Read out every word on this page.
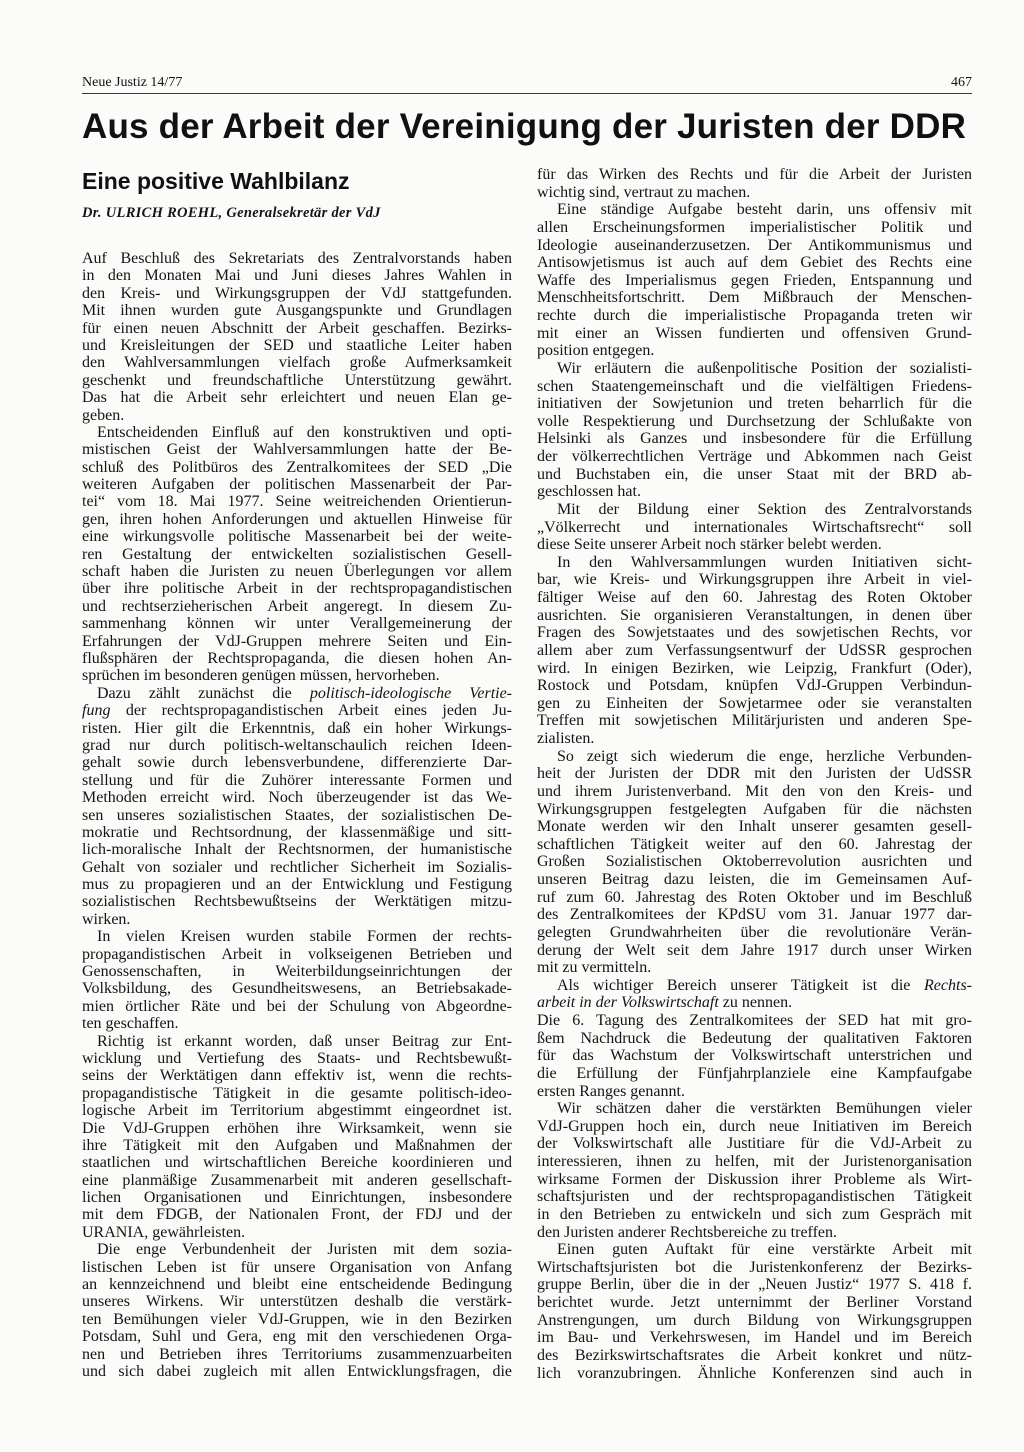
Neue Justiz 14/77	467
Aus der Arbeit der Vereinigung der Juristen der DDR
Eine positive Wahlbilanz
Dr. ULRICH ROEHL, Generalsekretär der VdJ
Auf Beschluß des Sekretariats des Zentralvorstands haben
in den Monaten Mai und Juni dieses Jahres Wahlen in
den Kreis- und Wirkungsgruppen der VdJ stattgefunden.
Mit ihnen wurden gute Ausgangspunkte und Grundlagen
für einen neuen Abschnitt der Arbeit geschaffen. Bezirks-
und Kreisleitungen der SED und staatliche Leiter haben
den Wahlversammlungen vielfach große Aufmerksamkeit
geschenkt und freundschaftliche Unterstützung gewährt.
Das hat die Arbeit sehr erleichtert und neuen Elan ge-
geben.
Entscheidenden Einfluß auf den konstruktiven und opti-
mistischen Geist der Wahlversammlungen hatte der Be-
schluß des Politbüros des Zentralkomitees der SED „Die
weiteren Aufgaben der politischen Massenarbeit der Par-
tei“ vom 18. Mai 1977. Seine weitreichenden Orientierun-
gen, ihren hohen Anforderungen und aktuellen Hinweise für
eine wirkungsvolle politische Massenarbeit bei der weite-
ren Gestaltung der entwickelten sozialistischen Gesell-
schaft haben die Juristen zu neuen Überlegungen vor allem
über ihre politische Arbeit in der rechtspropagandistischen
und rechtserzieherischen Arbeit angeregt. In diesem Zu-
sammenhang können wir unter Verallgemeinerung der
Erfahrungen der VdJ-Gruppen mehrere Seiten und Ein-
flußsphären der Rechtspropaganda, die diesen hohen An-
sprüchen im besonderen genügen müssen, hervorheben.
Dazu zählt zunächst die politisch-ideologische Vertie-
fung der rechtspropagandistischen Arbeit eines jeden Ju-
risten. Hier gilt die Erkenntnis, daß ein hoher Wirkungs-
grad nur durch politisch-weltanschaulich reichen Ideen-
gehalt sowie durch lebensverbundene, differenzierte Dar-
stellung und für die Zuhörer interessante Formen und
Methoden erreicht wird. Noch überzeugender ist das We-
sen unseres sozialistischen Staates, der sozialistischen De-
mokratie und Rechtsordnung, der klassenmäßige und sitt-
lich-moralische Inhalt der Rechtsnormen, der humanistische
Gehalt von sozialer und rechtlicher Sicherheit im Sozialis-
mus zu propagieren und an der Entwicklung und Festigung
sozialistischen Rechtsbewußtseins der Werktätigen mitzu-
wirken.
In vielen Kreisen wurden stabile Formen der rechts-
propagandistischen Arbeit in volkseigenen Betrieben und
Genossenschaften, in Weiterbildungseinrichtungen der
Volksbildung, des Gesundheitswesens, an Betriebsakade-
mien örtlicher Räte und bei der Schulung von Abgeordne-
ten geschaffen.
Richtig ist erkannt worden, daß unser Beitrag zur Ent-
wicklung und Vertiefung des Staats- und Rechtsbewußt-
seins der Werktätigen dann effektiv ist, wenn die rechts-
propagandistische Tätigkeit in die gesamte politisch-ideo-
logische Arbeit im Territorium abgestimmt eingeordnet ist.
Die VdJ-Gruppen erhöhen ihre Wirksamkeit, wenn sie
ihre Tätigkeit mit den Aufgaben und Maßnahmen der
staatlichen und wirtschaftlichen Bereiche koordinieren und
eine planmäßige Zusammenarbeit mit anderen gesellschaft-
lichen Organisationen und Einrichtungen, insbesondere
mit dem FDGB, der Nationalen Front, der FDJ und der
URANIA, gewährleisten.
Die enge Verbundenheit der Juristen mit dem sozia-
listischen Leben ist für unsere Organisation von Anfang
an kennzeichnend und bleibt eine entscheidende Bedingung
unseres Wirkens. Wir unterstützen deshalb die verstärk-
ten Bemühungen vieler VdJ-Gruppen, wie in den Bezirken
Potsdam, Suhl und Gera, eng mit den verschiedenen Orga-
nen und Betrieben ihres Territoriums zusammenzuarbeiten
und sich dabei zugleich mit allen Entwicklungsfragen, die
für das Wirken des Rechts und für die Arbeit der Juristen
wichtig sind, vertraut zu machen.
Eine ständige Aufgabe besteht darin, uns offensiv mit
allen Erscheinungsformen imperialistischer Politik und
Ideologie auseinanderzusetzen. Der Antikommunismus und
Antisowjetismus ist auch auf dem Gebiet des Rechts eine
Waffe des Imperialismus gegen Frieden, Entspannung und
Menschheitsfortschritt. Dem Mißbrauch der Menschen-
rechte durch die imperialistische Propaganda treten wir
mit einer an Wissen fundierten und offensiven Grund-
position entgegen.
Wir erläutern die außenpolitische Position der sozialisti-
schen Staatengemeinschaft und die vielfältigen Friedens-
initiativen der Sowjetunion und treten beharrlich für die
volle Respektierung und Durchsetzung der Schlußakte von
Helsinki als Ganzes und insbesondere für die Erfüllung
der völkerrechtlichen Verträge und Abkommen nach Geist
und Buchstaben ein, die unser Staat mit der BRD ab-
geschlossen hat.
Mit der Bildung einer Sektion des Zentralvorstands
„Völkerrecht und internationales Wirtschaftsrecht“ soll
diese Seite unserer Arbeit noch stärker belebt werden.
In den Wahlversammlungen wurden Initiativen sicht-
bar, wie Kreis- und Wirkungsgruppen ihre Arbeit in viel-
fältiger Weise auf den 60. Jahrestag des Roten Oktober
ausrichten. Sie organisieren Veranstaltungen, in denen über
Fragen des Sowjetstaates und des sowjetischen Rechts, vor
allem aber zum Verfassungsentwurf der UdSSR gesprochen
wird. In einigen Bezirken, wie Leipzig, Frankfurt (Oder),
Rostock und Potsdam, knüpfen VdJ-Gruppen Verbindun-
gen zu Einheiten der Sowjetarmee oder sie veranstalten
Treffen mit sowjetischen Militärjuristen und anderen Spe-
zialisten.
So zeigt sich wiederum die enge, herzliche Verbunden-
heit der Juristen der DDR mit den Juristen der UdSSR
und ihrem Juristenverband. Mit den von den Kreis- und
Wirkungsgruppen festgelegten Aufgaben für die nächsten
Monate werden wir den Inhalt unserer gesamten gesell-
schaftlichen Tätigkeit weiter auf den 60. Jahrestag der
Großen Sozialistischen Oktoberrevolution ausrichten und
unseren Beitrag dazu leisten, die im Gemeinsamen Auf-
ruf zum 60. Jahrestag des Roten Oktober und im Beschluß
des Zentralkomitees der KPdSU vom 31. Januar 1977 dar-
gelegten Grundwahrheiten über die revolutionäre Verän-
derung der Welt seit dem Jahre 1917 durch unser Wirken
mit zu vermitteln.
Als wichtiger Bereich unserer Tätigkeit ist die Rechts-
arbeit in der Volkswirtschaft zu nennen.
Die 6. Tagung des Zentralkomitees der SED hat mit gro-
ßem Nachdruck die Bedeutung der qualitativen Faktoren
für das Wachstum der Volkswirtschaft unterstrichen und
die Erfüllung der Fünfjahrplanziele eine Kampfaufgabe
ersten Ranges genannt.
Wir schätzen daher die verstärkten Bemühungen vieler
VdJ-Gruppen hoch ein, durch neue Initiativen im Bereich
der Volkswirtschaft alle Justitiare für die VdJ-Arbeit zu
interessieren, ihnen zu helfen, mit der Juristenorganisation
wirksame Formen der Diskussion ihrer Probleme als Wirt-
schaftsjuristen und der rechtspropagandistischen Tätigkeit
in den Betrieben zu entwickeln und sich zum Gespräch mit
den Juristen anderer Rechtsbereiche zu treffen.
Einen guten Auftakt für eine verstärkte Arbeit mit
Wirtschaftsjuristen bot die Juristenkonferenz der Bezirks-
gruppe Berlin, über die in der „Neuen Justiz“ 1977 S. 418 f.
berichtet wurde. Jetzt unternimmt der Berliner Vorstand
Anstrengungen, um durch Bildung von Wirkungsgruppen
im Bau- und Verkehrswesen, im Handel und im Bereich
des Bezirkswirtschaftsrates die Arbeit konkret und nütz-
lich voranzubringen. Ähnliche Konferenzen sind auch in
